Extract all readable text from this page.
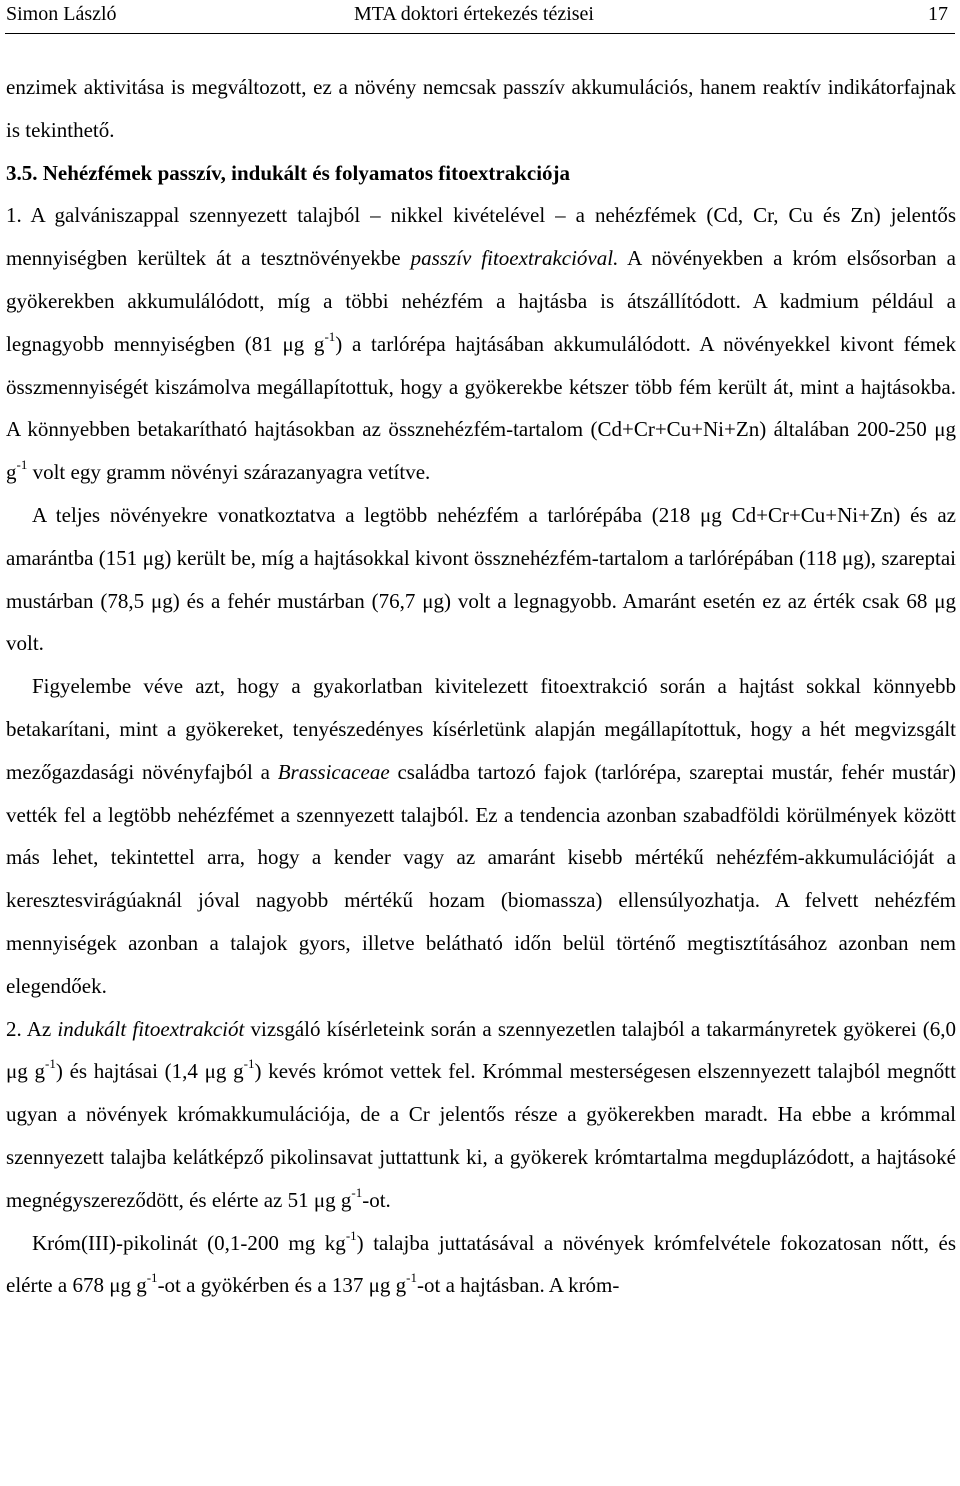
Simon László	MTA doktori értekezés tézisei	17

enzimek aktivitása is megváltozott, ez a növény nemcsak passzív akkumulációs, hanem reaktív indikátorfajnak is tekinthető.

3.5. Nehézfémek passzív, indukált és folyamatos fitoextrakciója

1. A galvániszappal szennyezett talajból – nikkel kivételével – a nehézfémek (Cd, Cr, Cu és Zn) jelentős mennyiségben kerültek át a tesztnövényekbe passzív fitoextrakcióval. A növényekben a króm elsősorban a gyökerekben akkumulálódott, míg a többi nehézfém a hajtásba is átszállítódott. A kadmium például a legnagyobb mennyiségben (81 μg $g^{-1}$) a tarlórépa hajtásában akkumulálódott. A növényekkel kivont fémek összmennyiségét kiszámolva megállapítottuk, hogy a gyökerekbe kétszer több fém került át, mint a hajtásokba. A könnyebben betakarítható hajtásokban az össznehézfém-tartalom (Cd+Cr+Cu+Ni+Zn) általában 200-250 μg $g^{-1}$ volt egy gramm növényi szárazanyagra vetítve.

A teljes növényekre vonatkoztatva a legtöbb nehézfém a tarlórépába (218 μg Cd+Cr+Cu+Ni+Zn) és az amarántba (151 μg) került be, míg a hajtásokkal kivont össznehézfém-tartalom a tarlórépában (118 μg), szareptai mustárban (78,5 μg) és a fehér mustárban (76,7 μg) volt a legnagyobb. Amaránt esetén ez az érték csak 68 μg volt.

Figyelembe véve azt, hogy a gyakorlatban kivitelezett fitoextrakció során a hajtást sokkal könnyebb betakarítani, mint a gyökereket, tenyészedényes kísérletünk alapján megállapítottuk, hogy a hét megvizsgált mezőgazdasági növényfajból a Brassicaceae családba tartozó fajok (tarlórépa, szareptai mustár, fehér mustár) vették fel a legtöbb nehézfémet a szennyezett talajból. Ez a tendencia azonban szabadföldi körülmények között más lehet, tekintettel arra, hogy a kender vagy az amaránt kisebb mértékű nehézfém-akkumulációját a keresztesvirágúaknál jóval nagyobb mértékű hozam (biomassza) ellensúlyozhatja. A felvett nehézfém mennyiségek azonban a talajok gyors, illetve belátható időn belül történő megtisztításához azonban nem elegendőek.

2. Az indukált fitoextrakciót vizsgáló kísérleteink során a szennyezetlen talajból a takarmányretek gyökerei (6,0 μg $g^{-1}$) és hajtásai (1,4 μg $g^{-1}$) kevés krómot vettek fel. Krómmal mesterségesen elszennyezett talajból megnőtt ugyan a növények krómakkumulációja, de a Cr jelentős része a gyökerekben maradt. Ha ebbe a krómmal szennyezett talajba kelátképző pikolinsavat juttattunk ki, a gyökerek krómtartalma megduplázódott, a hajtásoké megnégyszereződött, és elérte az 51 μg $g^{-1}-ot$.

Króm(III)-pikolinát (0,1-200 mg $kg^{-1}$) talajba juttatásával a növények krómfelvétele fokozatosan nőtt, és elérte a 678 μg $g^{-1}-ot$ a gyökérben és a 137 μg $g^{-1}-ot$ a hajtásban. A króm-
